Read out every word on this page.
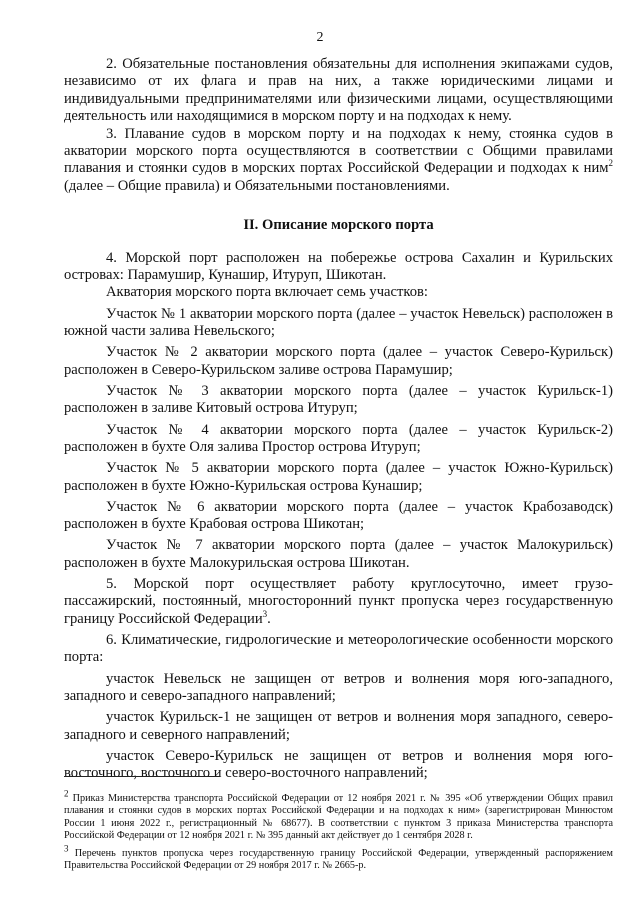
2

2. Обязательные постановления обязательны для исполнения экипажами судов, независимо от их флага и прав на них, а также юридическими лицами и индивидуальными предпринимателями или физическими лицами, осуществляющими деятельность или находящимися в морском порту и на подходах к нему.

3. Плавание судов в морском порту и на подходах к нему, стоянка судов в акватории морского порта осуществляются в соответствии с Общими правилами плавания и стоянки судов в морских портах Российской Федерации и подходах к ним$^2$ (далее – Общие правила) и Обязательными постановлениями.

II. Описание морского порта

4. Морской порт расположен на побережье острова Сахалин и Курильских островах: Парамушир, Кунашир, Итуруп, Шикотан.

Акватория морского порта включает семь участков:

Участок № 1 акватории морского порта (далее – участок Невельск) расположен в южной части залива Невельского;

Участок № 2 акватории морского порта (далее – участок Северо-Курильск) расположен в Северо-Курильском заливе острова Парамушир;

Участок № 3 акватории морского порта (далее – участок Курильск-1) расположен в заливе Китовый острова Итуруп;

Участок № 4 акватории морского порта (далее – участок Курильск-2) расположен в бухте Оля залива Простор острова Итуруп;

Участок № 5 акватории морского порта (далее – участок Южно-Курильск) расположен в бухте Южно-Курильская острова Кунашир;

Участок № 6 акватории морского порта (далее – участок Крабозаводск) расположен в бухте Крабовая острова Шикотан;

Участок № 7 акватории морского порта (далее – участок Малокурильск) расположен в бухте Малокурильская острова Шикотан.

5. Морской порт осуществляет работу круглосуточно, имеет грузо-пассажирский, постоянный, многосторонний пункт пропуска через государственную границу Российской Федерации$^3$.

6. Климатические, гидрологические и метеорологические особенности морского порта:

участок Невельск не защищен от ветров и волнения моря юго-западного, западного и северо-западного направлений;

участок Курильск-1 не защищен от ветров и волнения моря западного, северо-западного и северного направлений;

участок Северо-Курильск не защищен от ветров и волнения моря юго-восточного, восточного и северо-восточного направлений;

$^2$ Приказ Министерства транспорта Российской Федерации от 12 ноября 2021 г. № 395 «Об утверждении Общих правил плавания и стоянки судов в морских портах Российской Федерации и на подходах к ним» (зарегистрирован Минюстом России 1 июня 2022 г., регистрационный № 68677). В соответствии с пунктом 3 приказа Министерства транспорта Российской Федерации от 12 ноября 2021 г. № 395 данный акт действует до 1 сентября 2028 г.

$^3$ Перечень пунктов пропуска через государственную границу Российской Федерации, утвержденный распоряжением Правительства Российской Федерации от 29 ноября 2017 г. № 2665-р.
